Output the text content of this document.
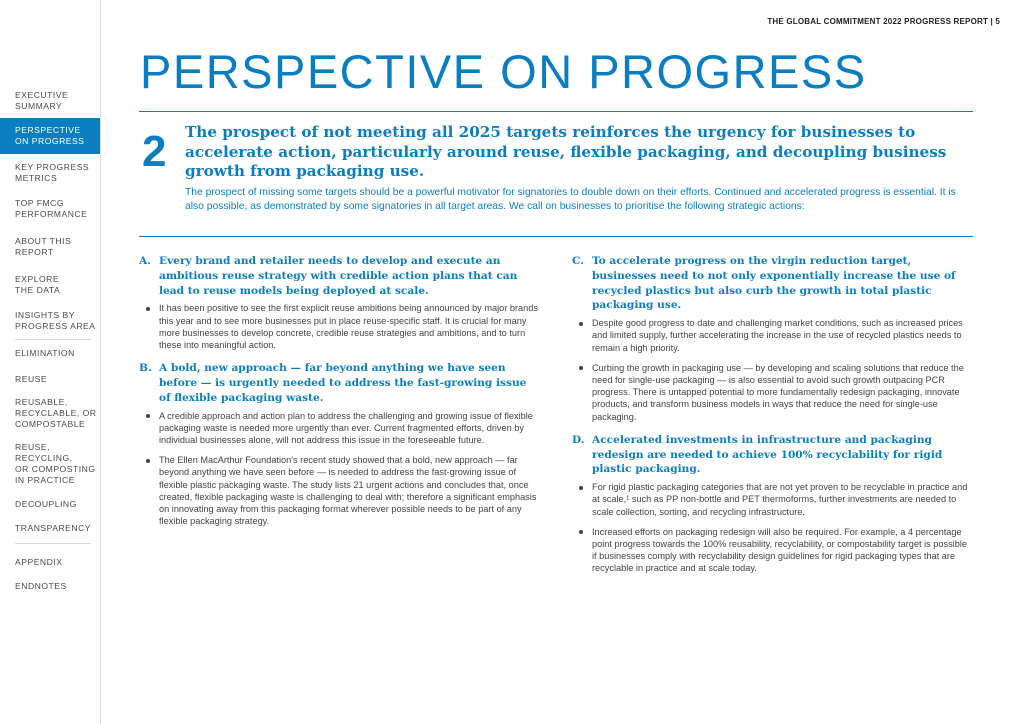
EXECUTIVE
SUMMARY
PERSPECTIVE
ON PROGRESS
KEY PROGRESS
METRICS
TOP FMCG
PERFORMANCE
ABOUT THIS
REPORT
EXPLORE
THE DATA
INSIGHTS BY
PROGRESS AREA
ELIMINATION
REUSE
REUSABLE,
RECYCLABLE, OR
COMPOSTABLE
REUSE,
RECYCLING,
OR COMPOSTING
IN PRACTICE
DECOUPLING
TRANSPARENCY
APPENDIX
ENDNOTES
THE GLOBAL COMMITMENT 2022 PROGRESS REPORT | 5
PERSPECTIVE ON PROGRESS
2 The prospect of not meeting all 2025 targets reinforces the urgency for businesses to accelerate action, particularly around reuse, flexible packaging, and decoupling business growth from packaging use.

The prospect of missing some targets should be a powerful motivator for signatories to double down on their efforts. Continued and accelerated progress is essential. It is also possible, as demonstrated by some signatories in all target areas. We call on businesses to prioritise the following strategic actions:

A. Every brand and retailer needs to develop and execute an ambitious reuse strategy with credible action plans that can lead to reuse models being deployed at scale.
It has been positive to see the first explicit reuse ambitions being announced by major brands this year and to see more businesses put in place reuse-specific staff. It is crucial for many more businesses to develop concrete, credible reuse strategies and ambitions, and to turn these into meaningful action.
B. A bold, new approach — far beyond anything we have seen before — is urgently needed to address the fast-growing issue of flexible packaging waste.
A credible approach and action plan to address the challenging and growing issue of flexible packaging waste is needed more urgently than ever. Current fragmented efforts, driven by individual businesses alone, will not address this issue in the foreseeable future.
The Ellen MacArthur Foundation's recent study showed that a bold, new approach — far beyond anything we have seen before — is needed to address the fast-growing issue of flexible plastic packaging waste. The study lists 21 urgent actions and concludes that, once created, flexible packaging waste is challenging to deal with; therefore a significant emphasis on innovating away from this packaging format wherever possible needs to be part of any flexible packaging strategy.
C. To accelerate progress on the virgin reduction target, businesses need to not only exponentially increase the use of recycled plastics but also curb the growth in total plastic packaging use.
Despite good progress to date and challenging market conditions, such as increased prices and limited supply, further accelerating the increase in the use of recycled plastics needs to remain a high priority.
Curbing the growth in packaging use — by developing and scaling solutions that reduce the need for single-use packaging — is also essential to avoid such growth outpacing PCR progress. There is untapped potential to more fundamentally redesign packaging, innovate products, and transform business models in ways that reduce the need for single-use packaging.
D. Accelerated investments in infrastructure and packaging redesign are needed to achieve 100% recyclability for rigid plastic packaging.
For rigid plastic packaging categories that are not yet proven to be recyclable in practice and at scale,¹ such as PP non-bottle and PET thermoforms, further investments are needed to scale collection, sorting, and recycling infrastructure.
Increased efforts on packaging redesign will also be required. For example, a 4 percentage point progress towards the 100% reusability, recyclability, or compostability target is possible if businesses comply with recyclability design guidelines for rigid packaging types that are recyclable in practice and at scale today.
